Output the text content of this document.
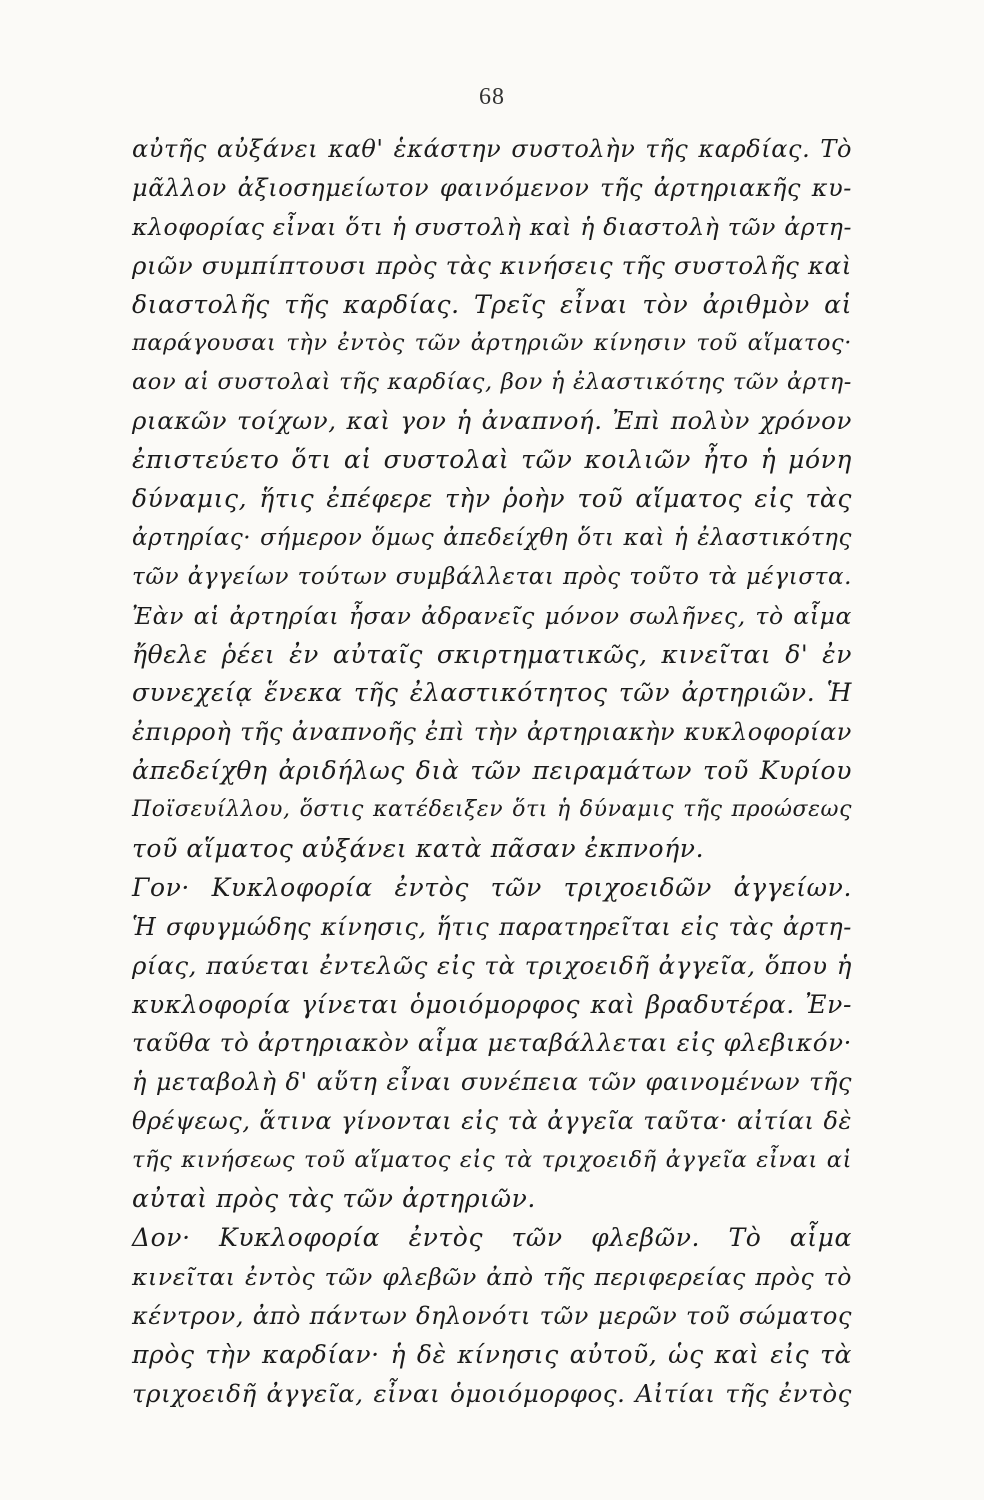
68
αὐτῆς αὐξάνει καθ' ἑκάστην συστολὴν τῆς καρδίας. Τὸ
μᾶλλον ἀξιοσημείωτον φαινόμενον τῆς ἀρτηριακῆς κυ-
κλοφορίας εἶναι ὅτι ἡ συστολὴ καὶ ἡ διαστολὴ τῶν ἀρτη-
ριῶν συμπίπτουσι πρὸς τὰς κινήσεις τῆς συστολῆς καὶ
διαστολῆς τῆς καρδίας. Τρεῖς εἶναι τὸν ἀριθμὸν αἱ
παράγουσαι τὴν ἐντὸς τῶν ἀρτηριῶν κίνησιν τοῦ αἵματος·
αον αἱ συστολαὶ τῆς καρδίας, βον ἡ ἐλαστικότης τῶν ἀρτη-
ριακῶν τοίχων, καὶ γον ἡ ἀναπνοή. Ἐπὶ πολὺν χρόνον
ἐπιστεύετο ὅτι αἱ συστολαὶ τῶν κοιλιῶν ἦτο ἡ μόνη
δύναμις, ἥτις ἐπέφερε τὴν ῥοὴν τοῦ αἵματος εἰς τὰς
ἀρτηρίας· σήμερον ὅμως ἀπεδείχθη ὅτι καὶ ἡ ἐλαστικότης
τῶν ἀγγείων τούτων συμβάλλεται πρὸς τοῦτο τὰ μέγιστα.
Ἐὰν αἱ ἀρτηρίαι ἦσαν ἀδρανεῖς μόνον σωλῆνες, τὸ αἷμα
ἤθελε ῥέει ἐν αὐταῖς σκιρτηματικῶς, κινεῖται δ' ἐν
συνεχείᾳ ἕνεκα τῆς ἐλαστικότητος τῶν ἀρτηριῶν. Ἡ
ἐπιρροὴ τῆς ἀναπνοῆς ἐπὶ τὴν ἀρτηριακὴν κυκλοφορίαν
ἀπεδείχθη ἀριδήλως διὰ τῶν πειραμάτων τοῦ Κυρίου
Ποϊσευίλλου, ὅστις κατέδειξεν ὅτι ἡ δύναμις τῆς προώσεως
τοῦ αἵματος αὐξάνει κατὰ πᾶσαν ἐκπνοήν.
Γον· Κυκλοφορία ἐντὸς τῶν τριχοειδῶν ἀγγείων.
Ἡ σφυγμώδης κίνησις, ἥτις παρατηρεῖται εἰς τὰς ἀρτη-
ρίας, παύεται ἐντελῶς εἰς τὰ τριχοειδῆ ἀγγεῖα, ὅπου ἡ
κυκλοφορία γίνεται ὁμοιόμορφος καὶ βραδυτέρα. Ἐν-
ταῦθα τὸ ἀρτηριακὸν αἷμα μεταβάλλεται εἰς φλεβικόν·
ἡ μεταβολὴ δ' αὕτη εἶναι συνέπεια τῶν φαινομένων τῆς
θρέψεως, ἅτινα γίνονται εἰς τὰ ἀγγεῖα ταῦτα· αἰτίαι δὲ
τῆς κινήσεως τοῦ αἵματος εἰς τὰ τριχοειδῆ ἀγγεῖα εἶναι αἱ
αὐταὶ πρὸς τὰς τῶν ἀρτηριῶν.
Δον· Κυκλοφορία ἐντὸς τῶν φλεβῶν. Τὸ αἷμα
κινεῖται ἐντὸς τῶν φλεβῶν ἀπὸ τῆς περιφερείας πρὸς τὸ
κέντρον, ἀπὸ πάντων δηλονότι τῶν μερῶν τοῦ σώματος
πρὸς τὴν καρδίαν· ἡ δὲ κίνησις αὐτοῦ, ὡς καὶ εἰς τὰ
τριχοειδῆ ἀγγεῖα, εἶναι ὁμοιόμορφος. Αἰτίαι τῆς ἐντὸς
